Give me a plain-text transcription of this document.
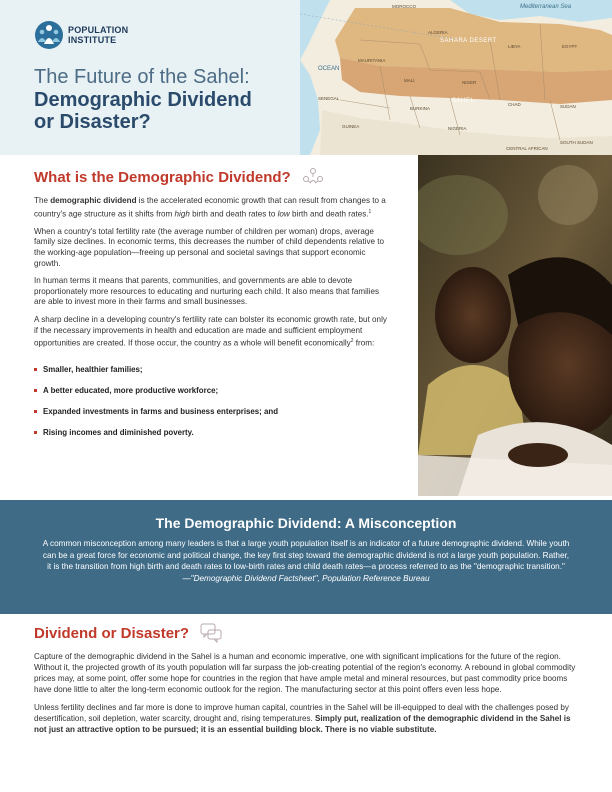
MOROCCO	Mediterranean Sea
ALGERIA
LIBYA	EGYPT
SAHARA DESERT
OCEAN
MAURITANIA
MALI	NIGER
CHAD	SUDAN
SAHEL
SENEGAL
BURKINA
NIGERIA
GUINEA
CENTRAL AFRICAN
SOUTH SUDAN
POPULATION
INSTITUTE
The Future of the Sahel:
Demographic Dividend
or Disaster?
What is the Demographic Dividend?

The demographic dividend is the accelerated economic growth that can result from changes to a country's age structure as it shifts from high birth and death rates to low birth and death rates.$^1$

When a country's total fertility rate (the average number of children per woman) drops, average family size declines. In economic terms, this decreases the number of child dependents relative to the working-age population—freeing up personal and societal savings that support economic growth.

In human terms it means that parents, communities, and governments are able to devote proportionately more resources to educating and nurturing each child. It also means that families are able to invest more in their farms and small businesses.

A sharp decline in a developing country's fertility rate can bolster its economic growth rate, but only if the necessary improvements in health and education are made and sufficient employment opportunities are created. If those occur, the country as a whole will benefit economically$^2$ from:

Smaller, healthier families;
A better educated, more productive workforce;
Expanded investments in farms and business enterprises; and
Rising incomes and diminished poverty.
The Demographic Dividend: A Misconception
A common misconception among many leaders is that a large youth population itself is an indicator of a future demographic dividend. While youth can be a great force for economic and political change, the key first step toward the demographic dividend is not a large youth population. Rather, it is the transition from high birth and death rates to low-birth rates and child death rates—a process referred to as the "demographic transition."
—"Demographic Dividend Factsheet", Population Reference Bureau
Dividend or Disaster?

Capture of the demographic dividend in the Sahel is a human and economic imperative, one with significant implications for the future of the region. Without it, the projected growth of its youth population will far surpass the job-creating potential of the region's economy. A rebound in global commodity prices may, at some point, offer some hope for countries in the region that have ample metal and mineral resources, but past commodity price booms have done little to alter the long-term economic outlook for the region. The manufacturing sector at this point offers even less hope.

Unless fertility declines and far more is done to improve human capital, countries in the Sahel will be ill-equipped to deal with the challenges posed by desertification, soil depletion, water scarcity, drought and, rising temperatures. Simply put, realization of the demographic dividend in the Sahel is not just an attractive option to be pursued; it is an essential building block. There is no viable substitute.
